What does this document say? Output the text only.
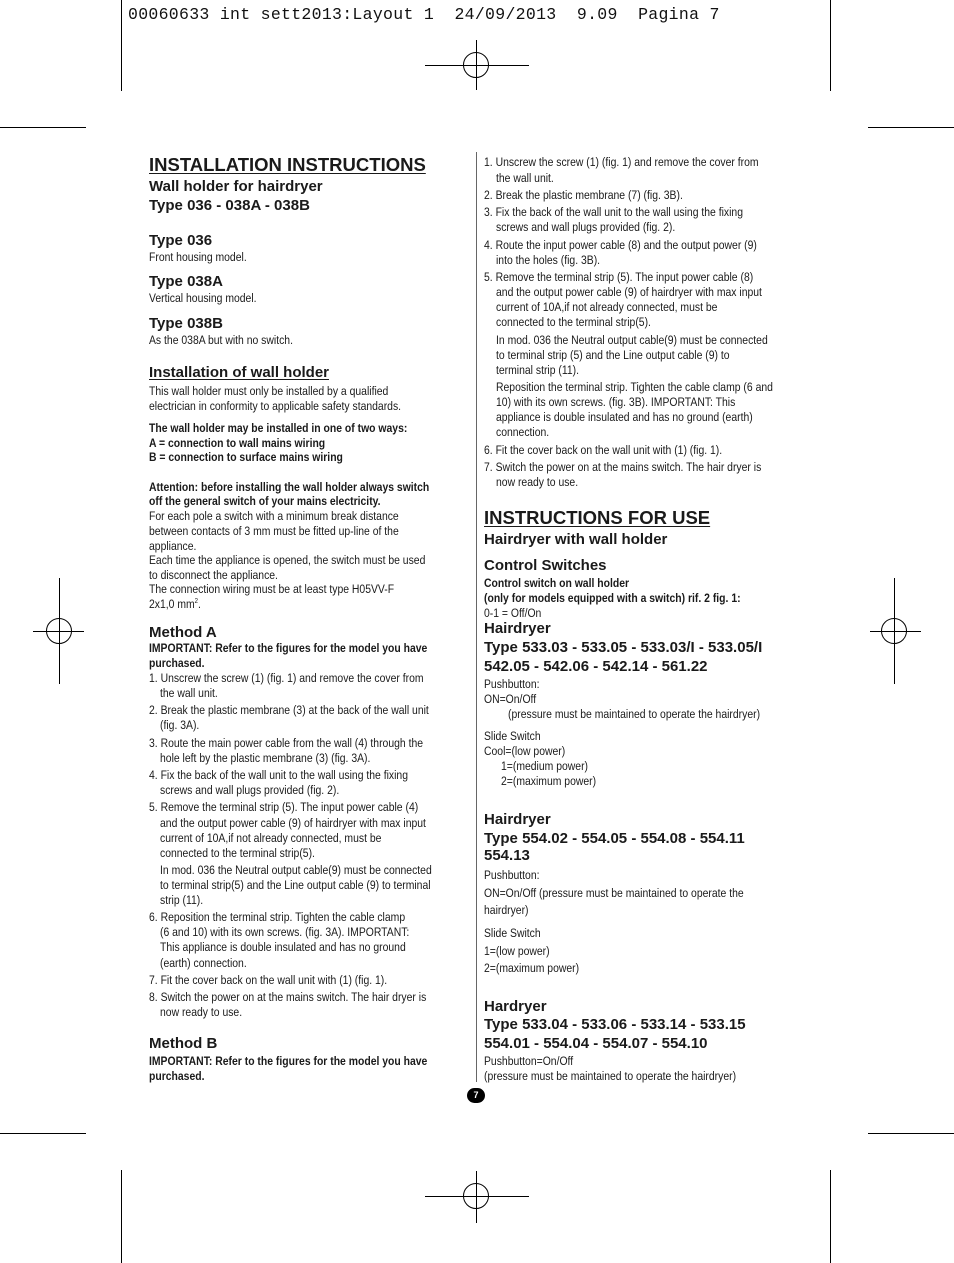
00060633 int sett2013:Layout 1  24/09/2013  9.09  Pagina 7
INSTALLATION INSTRUCTIONS
Wall holder for hairdryer
Type 036 - 038A - 038B
Type 036
Front housing model.
Type 038A
Vertical housing model.
Type 038B
As the 038A but with no switch.
Installation of wall holder
This wall holder must only be installed by a qualified
electrician in conformity to applicable safety standards.
The wall holder may be installed in one of two ways:
A = connection to wall mains wiring
B = connection to surface mains wiring
Attention: before installing the wall holder always switch
off the general switch of your mains electricity.
For each pole a switch with a minimum break distance
between contacts of 3 mm must be fitted up-line of the
appliance.
Each time the appliance is opened, the switch must be used
to disconnect the appliance.
The connection wiring must be at least type H05VV-F
2x1,0 $mm^2$.
Method A
IMPORTANT: Refer to the figures for the model you have
purchased.
1. Unscrew the screw (1) (fig. 1) and remove the cover from
the wall unit.
2. Break the plastic membrane (3) at the back of the wall unit
(fig. 3A).
3. Route the main power cable from the wall (4) through the
hole left by the plastic membrane (3) (fig. 3A).
4. Fix the back of the wall unit to the wall using the fixing
screws and wall plugs provided (fig. 2).
5. Remove the terminal strip (5). The input power cable (4)
and the output power cable (9) of hairdryer with max input
current of 10A,if not already connected, must be
connected to the terminal strip(5).
In mod. 036 the Neutral output cable(9) must be connected
to terminal strip(5) and the Line output cable (9) to terminal
strip (11).
6. Reposition the terminal strip. Tighten the cable clamp
(6 and 10) with its own screws. (fig. 3A). IMPORTANT:
This appliance is double insulated and has no ground
(earth) connection.
7. Fit the cover back on the wall unit with (1) (fig. 1).
8. Switch the power on at the mains switch. The hair dryer is
now ready to use.
Method B
IMPORTANT: Refer to the figures for the model you have
purchased.
1. Unscrew the screw (1) (fig. 1) and remove the cover from
the wall unit.
2. Break the plastic membrane (7) (fig. 3B).
3. Fix the back of the wall unit to the wall using the fixing
screws and wall plugs provided (fig. 2).
4. Route the input power cable (8) and the output power (9)
into the holes (fig. 3B).
5. Remove the terminal strip (5). The input power cable (8)
and the output power cable (9) of hairdryer with max input
current of 10A,if not already connected, must be
connected to the terminal strip(5).
In mod. 036 the Neutral output cable(9) must be connected
to terminal strip (5) and the Line output cable (9) to
terminal strip (11).
Reposition the terminal strip. Tighten the cable clamp (6 and
10) with its own screws. (fig. 3B). IMPORTANT: This
appliance is double insulated and has no ground (earth)
connection.
6. Fit the cover back on the wall unit with (1) (fig. 1).
7. Switch the power on at the mains switch. The hair dryer is
now ready to use.
INSTRUCTIONS FOR USE
Hairdryer with wall holder
Control Switches
Control switch on wall holder
(only for models equipped with a switch) rif. 2 fig. 1:
0-1 = Off/On
Hairdryer
Type 533.03 - 533.05 - 533.03/I - 533.05/I
542.05 - 542.06 - 542.14 - 561.22
Pushbutton:
ON=On/Off
(pressure must be maintained to operate the hairdryer)
Slide Switch
Cool=(low power)
1=(medium power)
2=(maximum power)
Hairdryer
Type 554.02 - 554.05 - 554.08 - 554.11
554.13
Pushbutton:
ON=On/Off (pressure must be maintained to operate the
hairdryer)
Slide Switch
1=(low power)
2=(maximum power)
Hardryer
Type 533.04 - 533.06 - 533.14 - 533.15
554.01 - 554.04 - 554.07 - 554.10
Pushbutton=On/Off
(pressure must be maintained to operate the hairdryer)
7
